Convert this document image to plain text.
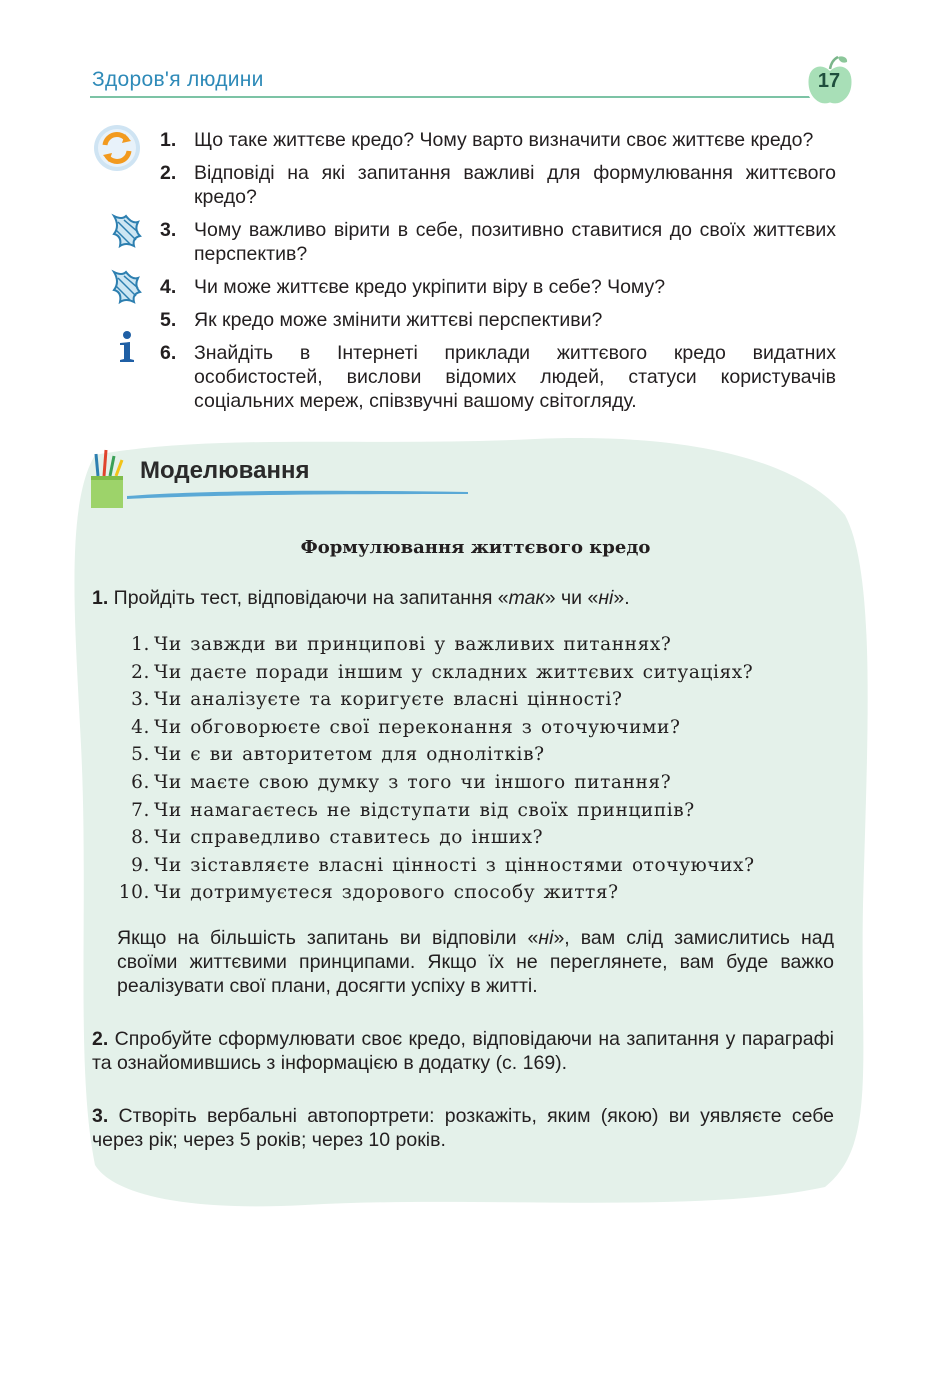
Здоров'я людини	17
1. Що таке життєве кредо? Чому варто визначити своє життєве кредо?
2. Відповіді на які запитання важливі для формулювання життєвого кредо?
3. Чому важливо вірити в себе, позитивно ставитися до своїх життєвих перспектив?
4. Чи може життєве кредо укріпити віру в себе? Чому?
5. Як кредо може змінити життєві перспективи?
6. Знайдіть в Інтернеті приклади життєвого кредо видатних особистостей, вислови відомих людей, статуси користувачів соціальних мереж, співзвучні вашому світогляду.
Моделювання
Формулювання життєвого кредо
1. Пройдіть тест, відповідаючи на запитання «так» чи «ні».
1. Чи завжди ви принципові у важливих питаннях?
2. Чи даєте поради іншим у складних життєвих ситуаціях?
3. Чи аналізуєте та коригуєте власні цінності?
4. Чи обговорюєте свої переконання з оточуючими?
5. Чи є ви авторитетом для однолітків?
6. Чи маєте свою думку з того чи іншого питання?
7. Чи намагаєтесь не відступати від своїх принципів?
8. Чи справедливо ставитесь до інших?
9. Чи зіставляєте власні цінності з цінностями оточуючих?
10. Чи дотримуєтеся здорового способу життя?
Якщо на більшість запитань ви відповіли «ні», вам слід замислитись над своїми життєвими принципами. Якщо їх не переглянете, вам буде важко реалізувати свої плани, досягти успіху в житті.
2. Спробуйте сформулювати своє кредо, відповідаючи на запитання у параграфі та ознайомившись з інформацією в додатку (с. 169).
3. Створіть вербальні автопортрети: розкажіть, яким (якою) ви уявляєте себе через рік; через 5 років; через 10 років.
